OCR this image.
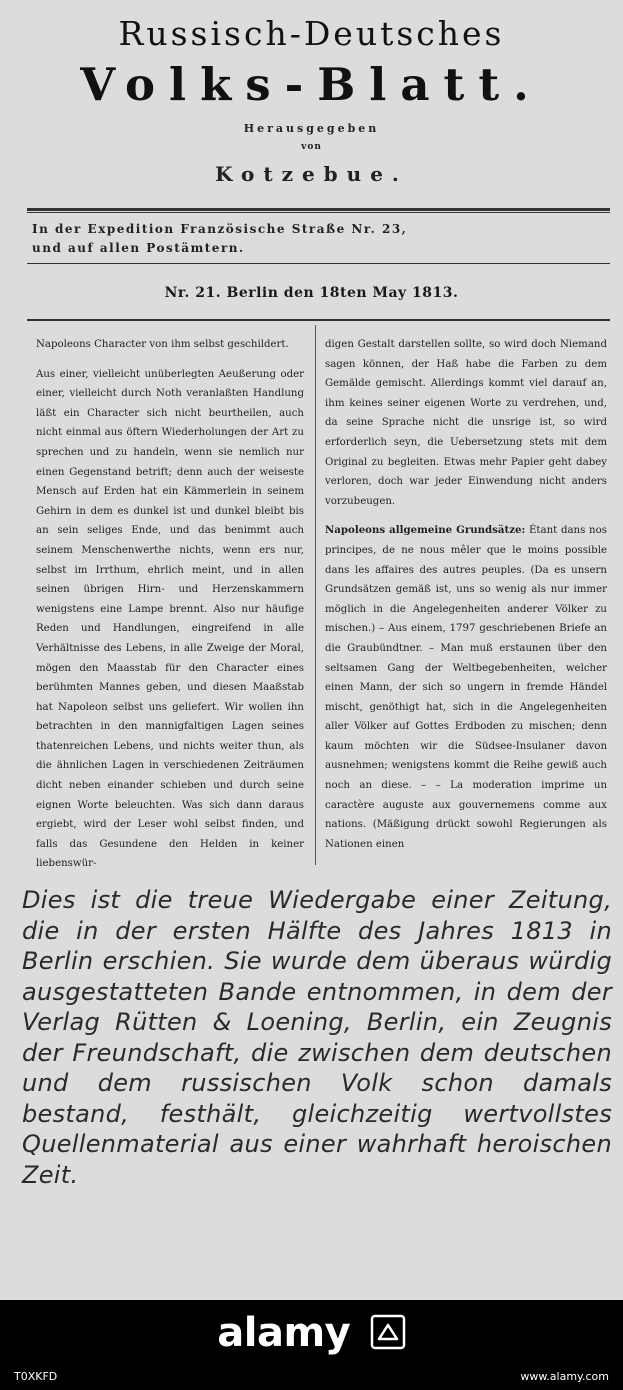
Russisch-Deutsches
Volks-Blatt.
Herausgegeben
von
Kotzebue.
In der Expedition Französische Straße Nr. 23,
und auf allen Postämtern.
Nr. 21. Berlin den 18ten May 1813.

Napoleons Character von ihm selbst geschildert.

Aus einer, vielleicht unüberlegten Aeußerung oder einer, vielleicht durch Noth veranlaßten Handlung läßt ein Character sich nicht beurtheilen, auch nicht einmal aus öftern Wiederholungen der Art zu sprechen und zu handeln, wenn sie nemlich nur einen Gegenstand betrift; denn auch der weiseste Mensch auf Erden hat ein Kämmerlein in seinem Gehirn in dem es dunkel ist und dunkel bleibt bis an sein seliges Ende, und das benimmt auch seinem Menschenwerthe nichts, wenn ers nur, selbst im Irrthum, ehrlich meint, und in allen seinen übrigen Hirn- und Herzenskammern wenigstens eine Lampe brennt. Also nur häufige Reden und Handlungen, eingreifend in alle Verhältnisse des Lebens, in alle Zweige der Moral, mögen den Maasstab für den Character eines berühmten Mannes geben, und diesen Maaßstab hat Napoleon selbst uns geliefert. Wir wollen ihn betrachten in den mannigfaltigen Lagen seines thatenreichen Lebens, und nichts weiter thun, als die ähnlichen Lagen in verschiedenen Zeiträumen dicht neben einander schieben und durch seine eignen Worte beleuchten. Was sich dann daraus ergiebt, wird der Leser wohl selbst finden, und falls das Gesundene den Helden in keiner liebenswür-

digen Gestalt darstellen sollte, so wird doch Niemand sagen können, der Haß habe die Farben zu dem Gemälde gemischt. Allerdings kommt viel darauf an, ihm keines seiner eigenen Worte zu verdrehen, und, da seine Sprache nicht die unsrige ist, so wird erforderlich seyn, die Uebersetzung stets mit dem Original zu begleiten. Etwas mehr Papier geht dabey verloren, doch war jeder Einwendung nicht anders vorzubeugen.

Napoleons allgemeine Grundsätze: Étant dans nos principes, de ne nous mêler que le moins possible dans les affaires des autres peuples. (Da es unsern Grundsätzen gemäß ist, uns so wenig als nur immer möglich in die Angelegenheiten anderer Völker zu mischen.) – Aus einem, 1797 geschriebenen Briefe an die Graubündtner. – Man muß erstaunen über den seltsamen Gang der Weltbegebenheiten, welcher einen Mann, der sich so ungern in fremde Händel mischt, genöthigt hat, sich in die Angelegenheiten aller Völker auf Gottes Erdboden zu mischen; denn kaum möchten wir die Südsee-Insulaner davon ausnehmen; wenigstens kommt die Reihe gewiß auch noch an diese. – – La moderation imprime un caractère auguste aux gouvernemens comme aux nations. (Mäßigung drückt sowohl Regierungen als Nationen einen

Dies ist die treue Wiedergabe einer Zeitung, die in der ersten Hälfte des Jahres 1813 in Berlin erschien. Sie wurde dem überaus würdig ausgestatteten Bande entnommen, in dem der Verlag Rütten & Loening, Berlin, ein Zeugnis der Freundschaft, die zwischen dem deutschen und dem russischen Volk schon damals bestand, festhält, gleichzeitig wertvollstes Quellenmaterial aus einer wahrhaft heroischen Zeit.
alamy
T0XKFD	www.alamy.com
